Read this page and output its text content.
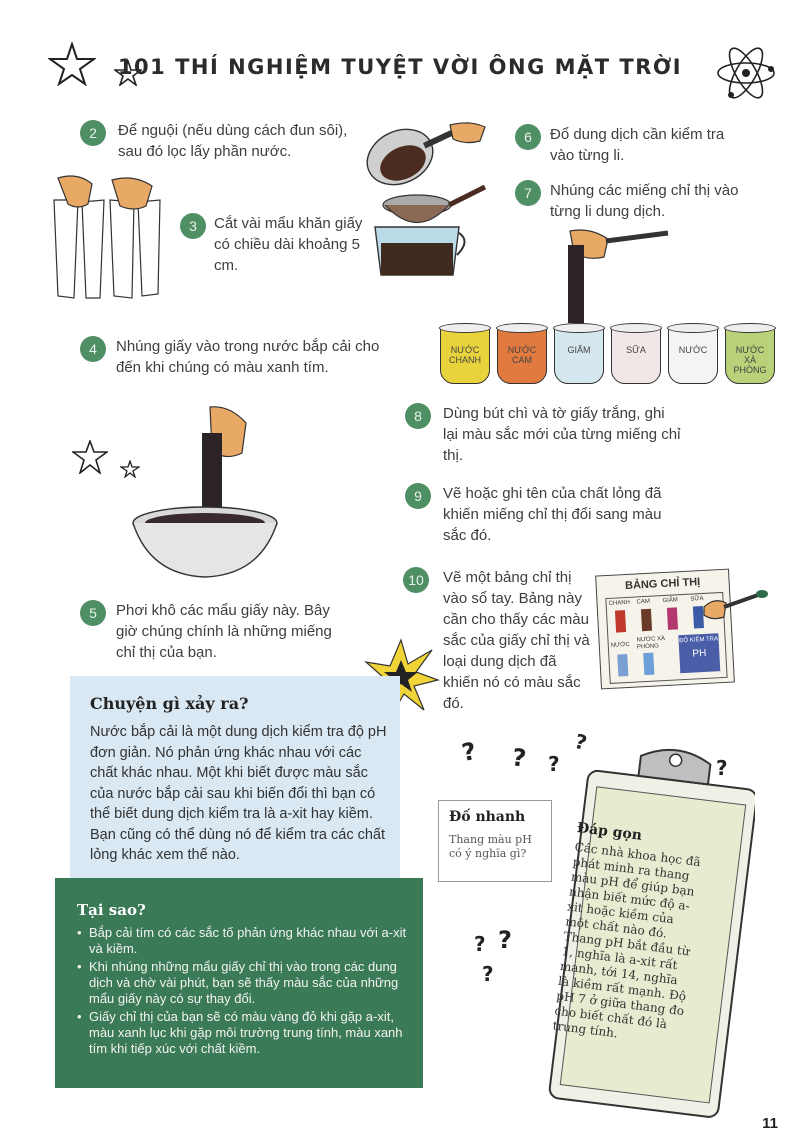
101 THÍ NGHIỆM TUYỆT VỜI ÔNG MẶT TRỜI
2	Để nguội (nếu dùng cách đun sôi), sau đó lọc lấy phần nước.
3	Cắt vài mẩu khăn giấy có chiều dài khoảng 5 cm.
4	Nhúng giấy vào trong nước bắp cải cho đến khi chúng có màu xanh tím.
5	Phơi khô các mẩu giấy này. Bây giờ chúng chính là những miếng chỉ thị của bạn.
6	Đổ dung dịch cần kiểm tra vào từng li.
7	Nhúng các miếng chỉ thị vào từng li dung dịch.
NƯỚC CHANH
NƯỚC CAM
GIẤM	SỮA	NƯỚC	NƯỚC XÀ PHÒNG
8	Dùng bút chì và tờ giấy trắng, ghi lại màu sắc mới của từng miếng chỉ thị.
9	Vẽ hoặc ghi tên của chất lỏng đã khiến miếng chỉ thị đổi sang màu sắc đó.
10	Vẽ một bảng chỉ thị vào sổ tay. Bảng này cần cho thấy các màu sắc của giấy chỉ thị và loại dung dịch đã khiến nó có màu sắc đó.
BẢNG CHỈ THỊ
CHANH CAM GIẤM SỮA
NƯỚC
NƯỚC XÀ PHÒNG
ĐỘ KIỂM TRA
PH
Chuyện gì xảy ra?

Nước bắp cải là một dung dịch kiểm tra độ pH đơn giản. Nó phản ứng khác nhau với các chất khác nhau. Một khi biết được màu sắc của nước bắp cải sau khi biến đổi thì bạn có thể biết dung dịch kiểm tra là a-xit hay kiềm. Bạn cũng có thể dùng nó để kiểm tra các chất lỏng khác xem thế nào.

Tại sao?
• Bắp cải tím có các sắc tố phản ứng khác nhau với a-xit và kiềm.
• Khi nhúng những mẩu giấy chỉ thị vào trong các dung dịch và chờ vài phút, bạn sẽ thấy màu sắc của những mẩu giấy này có sự thay đổi.
• Giấy chỉ thị của bạn sẽ có màu vàng đỏ khi gặp a-xit, màu xanh lục khi gặp môi trường trung tính, màu xanh tím khi tiếp xúc với chất kiềm.
? ? ?
?
?
? ?
?
Đáp gọn

Các nhà khoa học đã phát minh ra thang màu pH để giúp bạn nhận biết mức độ a-xit hoặc kiềm của một chất nào đó. Thang pH bắt đầu từ 1, nghĩa là a-xit rất mạnh, tới 14, nghĩa là kiềm rất mạnh. Độ pH 7 ở giữa thang đo cho biết chất đó là trung tính.

Đố nhanh

Thang màu pH có ý nghĩa gì?

11
